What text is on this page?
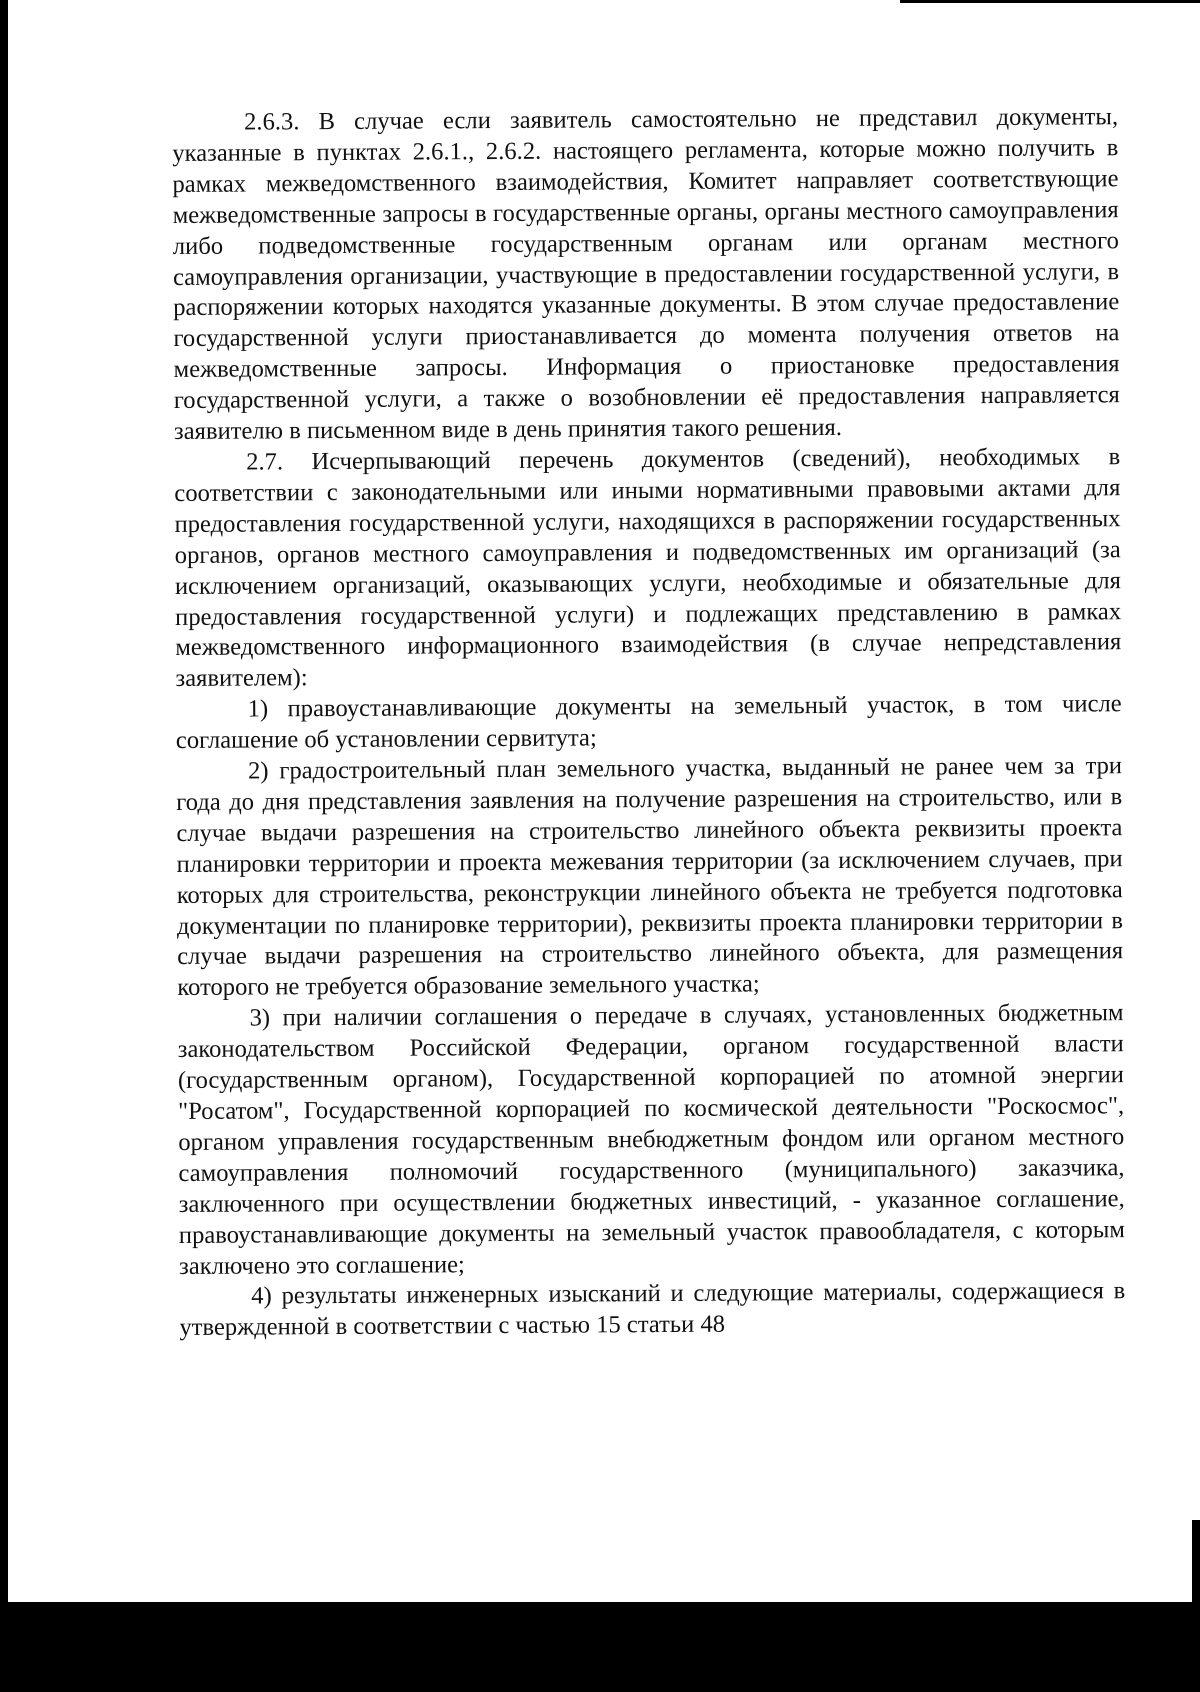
2.6.3. В случае если заявитель самостоятельно не представил документы, указанные в пунктах 2.6.1., 2.6.2. настоящего регламента, которые можно получить в рамках межведомственного взаимодействия, Комитет направляет соответствующие межведомственные запросы в государственные органы, органы местного самоуправления либо подведомственные государственным органам или органам местного самоуправления организации, участвующие в предоставлении государственной услуги, в распоряжении которых находятся указанные документы. В этом случае предоставление государственной услуги приостанавливается до момента получения ответов на межведомственные запросы. Информация о приостановке предоставления государственной услуги, а также о возобновлении её предоставления направляется заявителю в письменном виде в день принятия такого решения.

2.7. Исчерпывающий перечень документов (сведений), необходимых в соответствии с законодательными или иными нормативными правовыми актами для предоставления государственной услуги, находящихся в распоряжении государственных органов, органов местного самоуправления и подведомственных им организаций (за исключением организаций, оказывающих услуги, необходимые и обязательные для предоставления государственной услуги) и подлежащих представлению в рамках межведомственного информационного взаимодействия (в случае непредставления заявителем):

1) правоустанавливающие документы на земельный участок, в том числе соглашение об установлении сервитута;

2) градостроительный план земельного участка, выданный не ранее чем за три года до дня представления заявления на получение разрешения на строительство, или в случае выдачи разрешения на строительство линейного объекта реквизиты проекта планировки территории и проекта межевания территории (за исключением случаев, при которых для строительства, реконструкции линейного объекта не требуется подготовка документации по планировке территории), реквизиты проекта планировки территории в случае выдачи разрешения на строительство линейного объекта, для размещения которого не требуется образование земельного участка;

3) при наличии соглашения о передаче в случаях, установленных бюджетным законодательством Российской Федерации, органом государственной власти (государственным органом), Государственной корпорацией по атомной энергии "Росатом", Государственной корпорацией по космической деятельности "Роскосмос", органом управления государственным внебюджетным фондом или органом местного самоуправления полномочий государственного (муниципального) заказчика, заключенного при осуществлении бюджетных инвестиций, - указанное соглашение, правоустанавливающие документы на земельный участок правообладателя, с которым заключено это соглашение;

4) результаты инженерных изысканий и следующие материалы, содержащиеся в утвержденной в соответствии с частью 15 статьи 48
